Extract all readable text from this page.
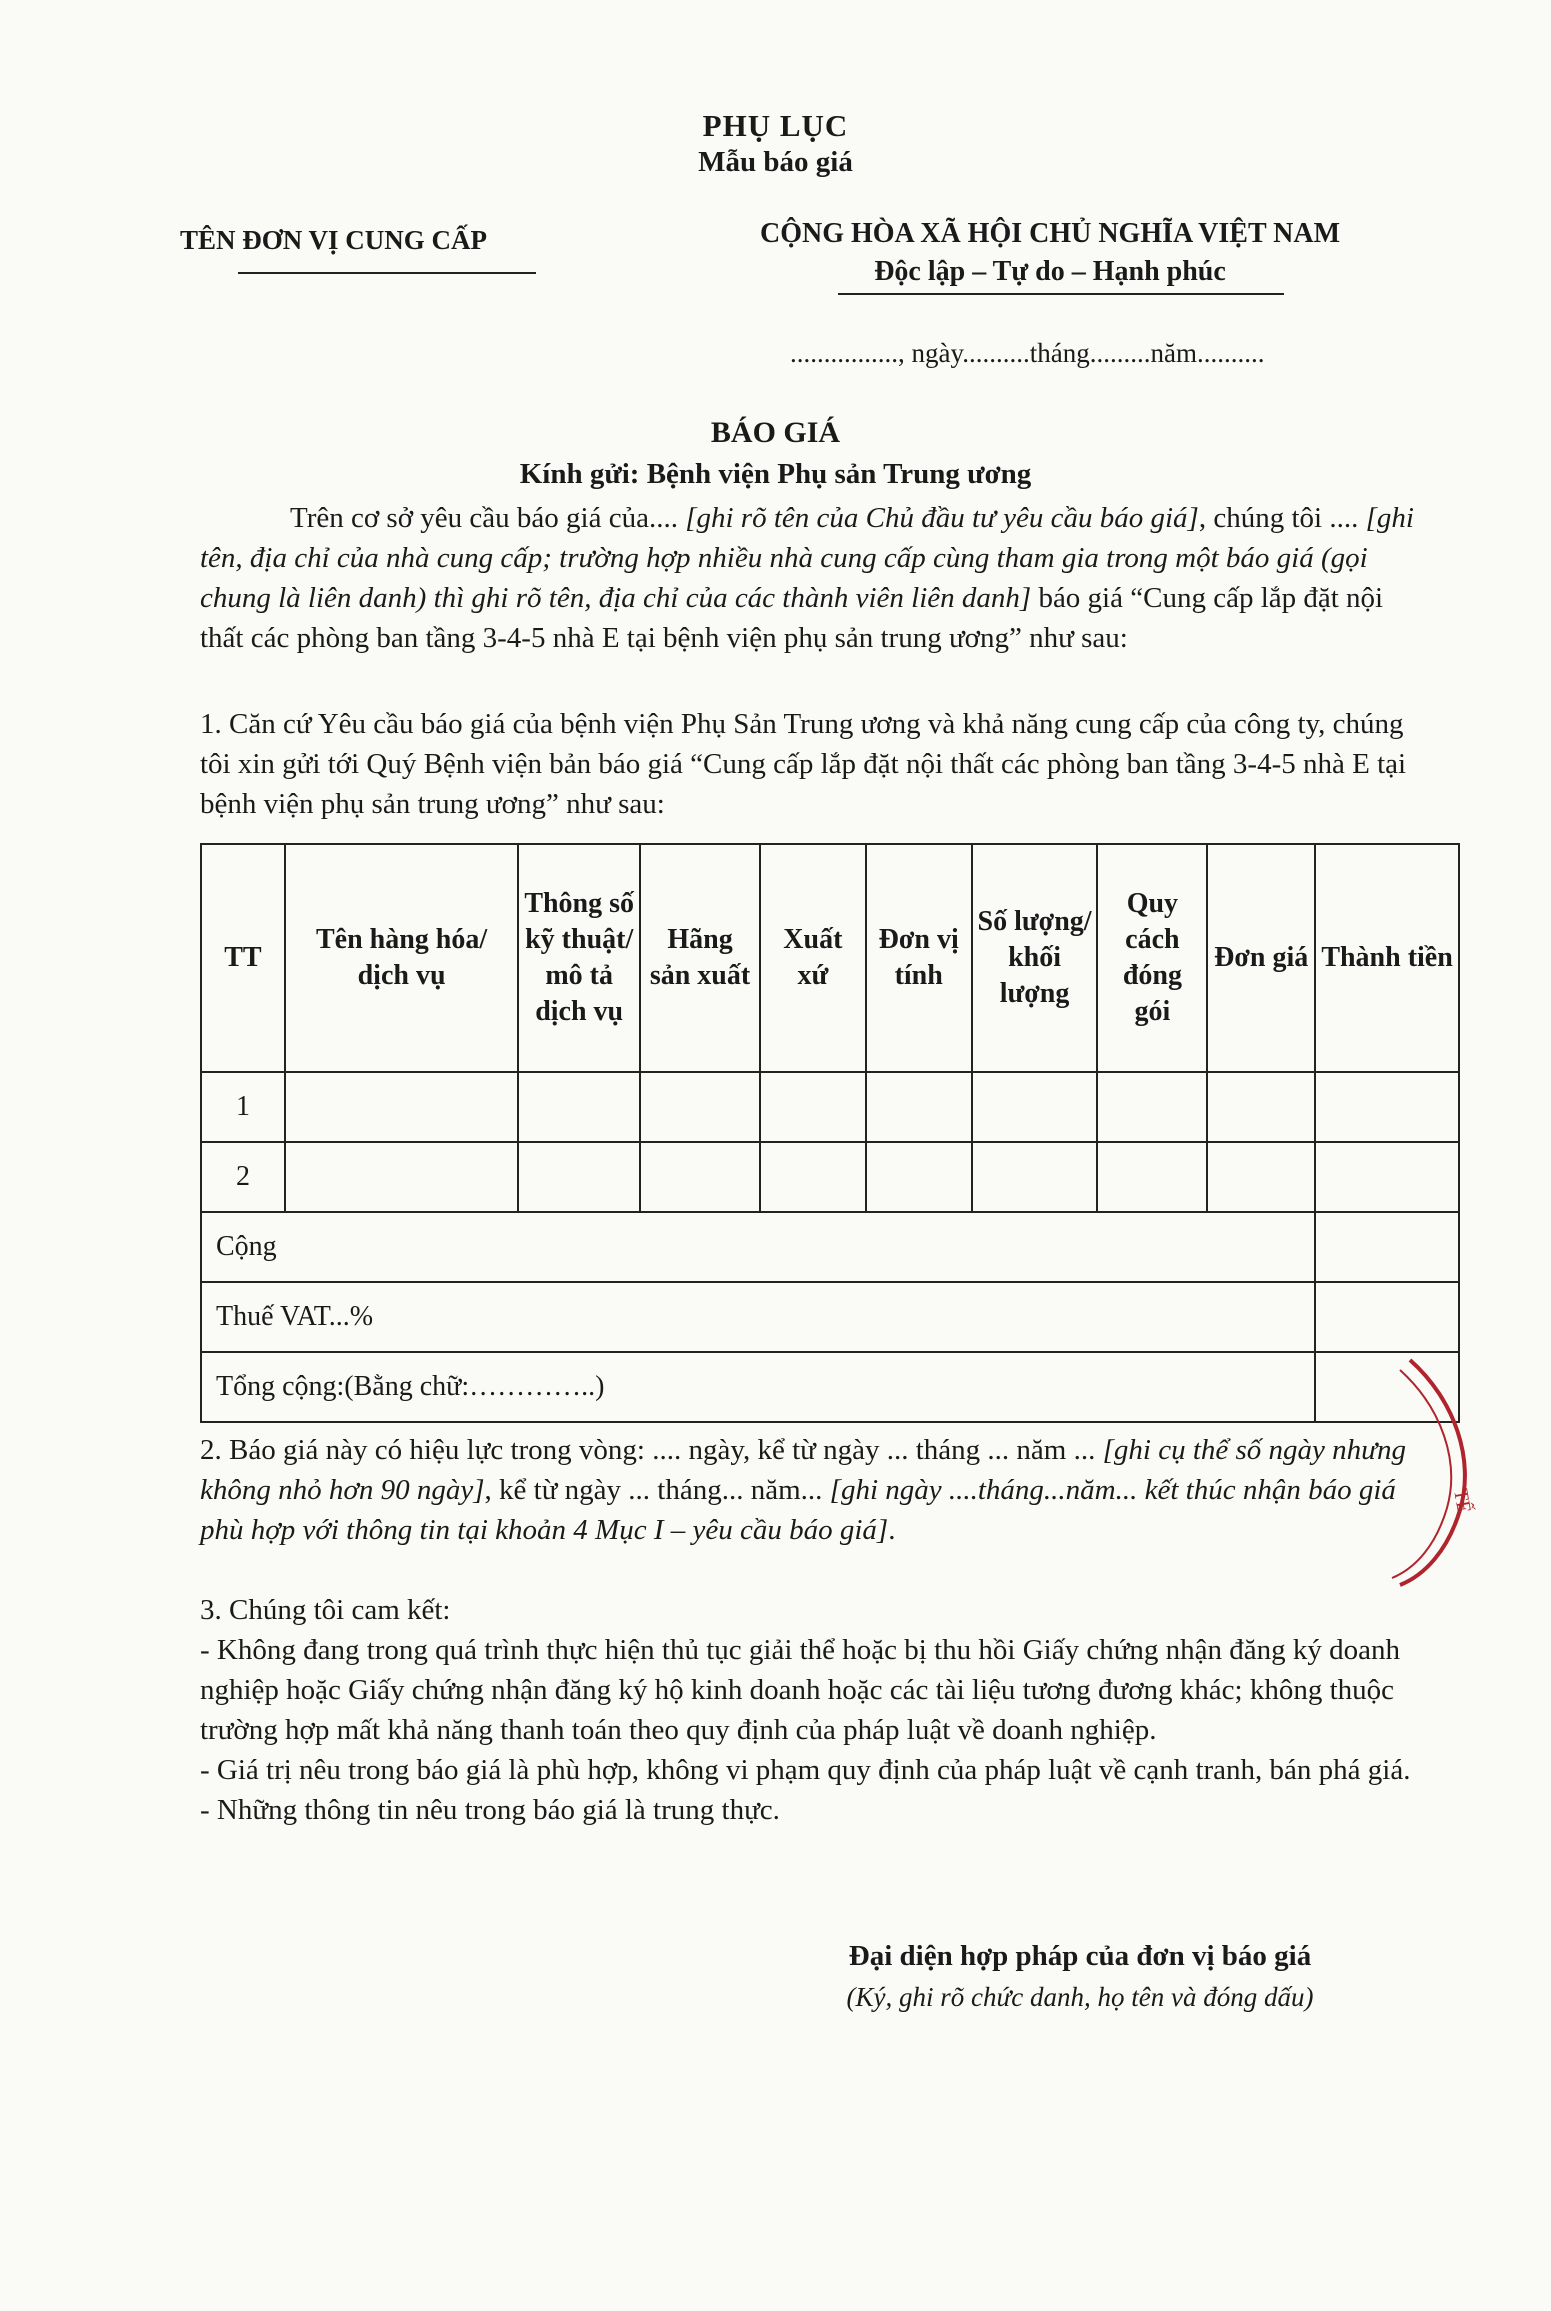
PHỤ LỤC
Mẫu báo giá
TÊN ĐƠN VỊ CUNG CẤP	CỘNG HÒA XÃ HỘI CHỦ NGHĨA VIỆT NAM
Độc lập – Tự do – Hạnh phúc
................, ngày..........tháng.........năm..........
BÁO GIÁ
Kính gửi: Bệnh viện Phụ sản Trung ương
Trên cơ sở yêu cầu báo giá của.... [ghi rõ tên của Chủ đầu tư yêu cầu báo giá], chúng tôi .... [ghi tên, địa chỉ của nhà cung cấp; trường hợp nhiều nhà cung cấp cùng tham gia trong một báo giá (gọi chung là liên danh) thì ghi rõ tên, địa chỉ của các thành viên liên danh] báo giá “Cung cấp lắp đặt nội thất các phòng ban tầng 3-4-5 nhà E tại bệnh viện phụ sản trung ương” như sau:
1. Căn cứ Yêu cầu báo giá của bệnh viện Phụ Sản Trung ương và khả năng cung cấp của công ty, chúng tôi xin gửi tới Quý Bệnh viện bản báo giá “Cung cấp lắp đặt nội thất các phòng ban tầng 3-4-5 nhà E tại bệnh viện phụ sản trung ương” như sau:
TT	Tên hàng hóa/ dịch vụ	Thông số kỹ thuật/ mô tả dịch vụ	Hãng sản xuất	Xuất xứ	Đơn vị tính	Số lượng/ khối lượng	Quy cách đóng gói	Đơn giá	Thành tiền
1									
2									
Cộng									
Thuế VAT...%									
Tổng cộng:(Bằng chữ:…………..)									
2. Báo giá này có hiệu lực trong vòng: .... ngày, kể từ ngày ... tháng ... năm ... [ghi cụ thể số ngày nhưng không nhỏ hơn 90 ngày], kể từ ngày ... tháng... năm... [ghi ngày ....tháng...năm... kết thúc nhận báo giá phù hợp với thông tin tại khoản 4 Mục I – yêu cầu báo giá].
3. Chúng tôi cam kết:
- Không đang trong quá trình thực hiện thủ tục giải thể hoặc bị thu hồi Giấy chứng nhận đăng ký doanh nghiệp hoặc Giấy chứng nhận đăng ký hộ kinh doanh hoặc các tài liệu tương đương khác; không thuộc trường hợp mất khả năng thanh toán theo quy định của pháp luật về doanh nghiệp.
- Giá trị nêu trong báo giá là phù hợp, không vi phạm quy định của pháp luật về cạnh tranh, bán phá giá.
- Những thông tin nêu trong báo giá là trung thực.
Đại diện hợp pháp của đơn vị báo giá
(Ký, ghi rõ chức danh, họ tên và đóng dấu)
TẾ
